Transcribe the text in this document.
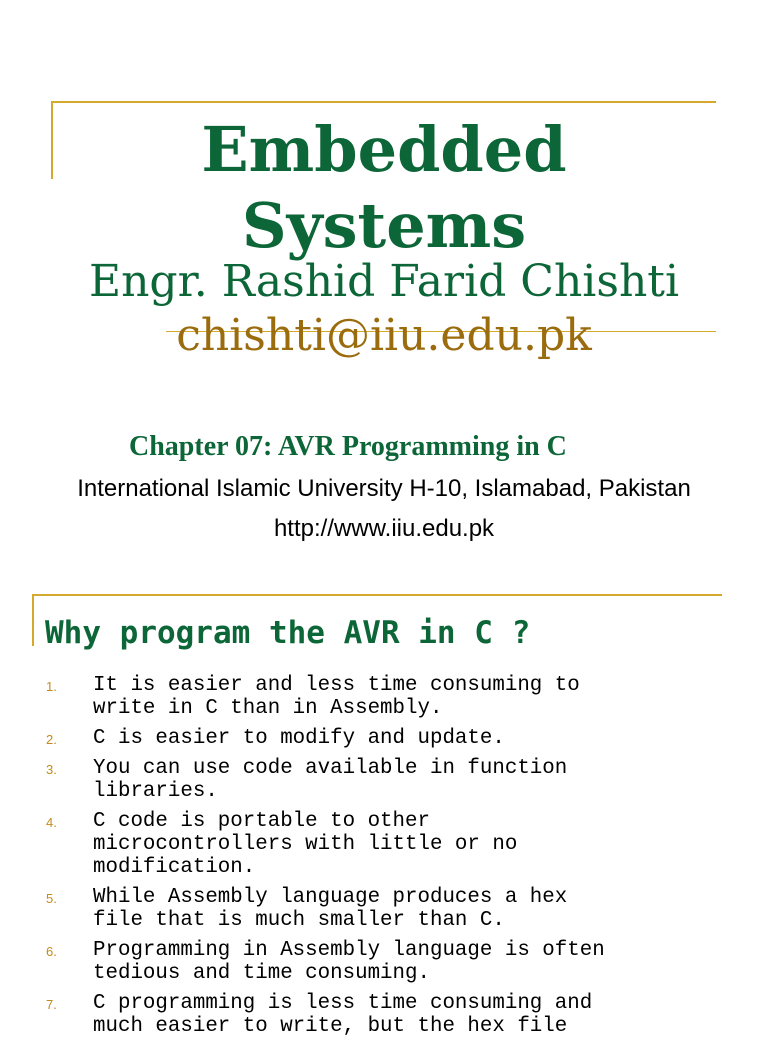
Embedded
Systems
Engr. Rashid Farid Chishti
chishti@iiu.edu.pk
Chapter 07: AVR Programming in C
International Islamic University H-10, Islamabad, Pakistan
http://www.iiu.edu.pk
Why program the AVR in C ?
1. It is easier and less time consuming to
write in C than in Assembly.
2. C is easier to modify and update.
3. You can use code available in function
libraries.
4. C code is portable to other
microcontrollers with little or no
modification.
5. While Assembly language produces a hex
file that is much smaller than C.
6. Programming in Assembly language is often
tedious and time consuming.
7. C programming is less time consuming and
much easier to write, but the hex file
